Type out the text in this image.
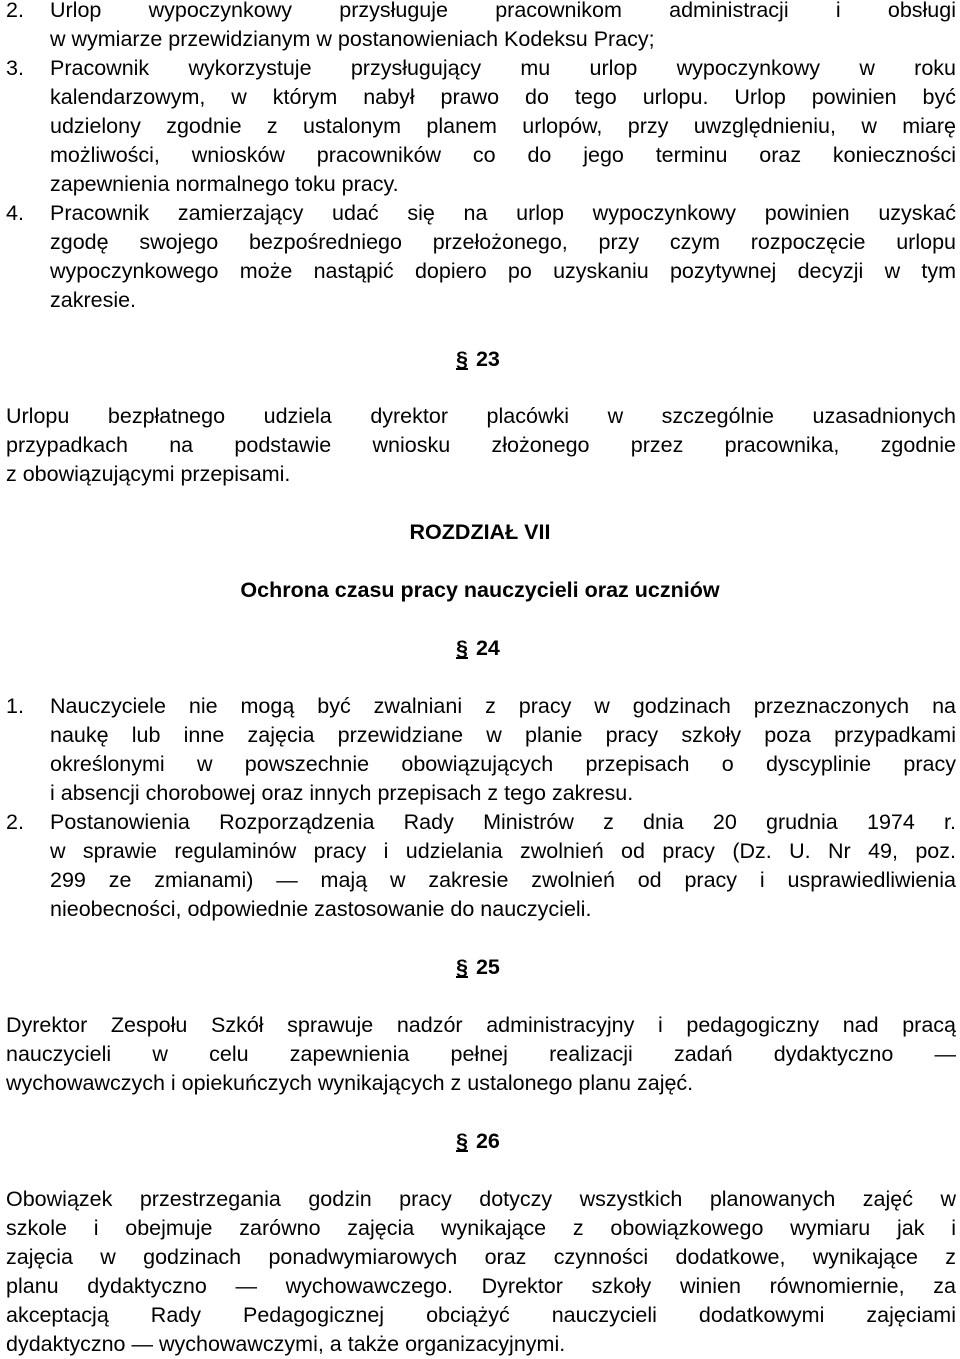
2. Urlop wypoczynkowy przysługuje pracownikom administracji i obsługi
w wymiarze przewidzianym w postanowieniach Kodeksu Pracy;
3. Pracownik wykorzystuje przysługujący mu urlop wypoczynkowy w roku
kalendarzowym, w którym nabył prawo do tego urlopu. Urlop powinien być
udzielony zgodnie z ustalonym planem urlopów, przy uwzględnieniu, w miarę
możliwości, wniosków pracowników co do jego terminu oraz konieczności
zapewnienia normalnego toku pracy.
4. Pracownik zamierzający udać się na urlop wypoczynkowy powinien uzyskać
zgodę swojego bezpośredniego przełożonego, przy czym rozpoczęcie urlopu
wypoczynkowego może nastąpić dopiero po uzyskaniu pozytywnej decyzji w tym
zakresie.
§ 23
Urlopu bezpłatnego udziela dyrektor placówki w szczególnie uzasadnionych
przypadkach na podstawie wniosku złożonego przez pracownika, zgodnie
z obowiązującymi przepisami.
ROZDZIAŁ VII
Ochrona czasu pracy nauczycieli oraz uczniów
§ 24
1. Nauczyciele nie mogą być zwalniani z pracy w godzinach przeznaczonych na
naukę lub inne zajęcia przewidziane w planie pracy szkoły poza przypadkami
określonymi w powszechnie obowiązujących przepisach o dyscyplinie pracy
i absencji chorobowej oraz innych przepisach z tego zakresu.
2. Postanowienia Rozporządzenia Rady Ministrów z dnia 20 grudnia 1974 r.
w sprawie regulaminów pracy i udzielania zwolnień od pracy (Dz. U. Nr 49, poz.
299 ze zmianami) — mają w zakresie zwolnień od pracy i usprawiedliwienia
nieobecności, odpowiednie zastosowanie do nauczycieli.
§ 25
Dyrektor Zespołu Szkół sprawuje nadzór administracyjny i pedagogiczny nad pracą
nauczycieli w celu zapewnienia pełnej realizacji zadań dydaktyczno —
wychowawczych i opiekuńczych wynikających z ustalonego planu zajęć.
§ 26
Obowiązek przestrzegania godzin pracy dotyczy wszystkich planowanych zajęć w
szkole i obejmuje zarówno zajęcia wynikające z obowiązkowego wymiaru jak i
zajęcia w godzinach ponadwymiarowych oraz czynności dodatkowe, wynikające z
planu dydaktyczno — wychowawczego. Dyrektor szkoły winien równomiernie, za
akceptacją Rady Pedagogicznej obciążyć nauczycieli dodatkowymi zajęciami
dydaktyczno — wychowawczymi, a także organizacyjnymi.
